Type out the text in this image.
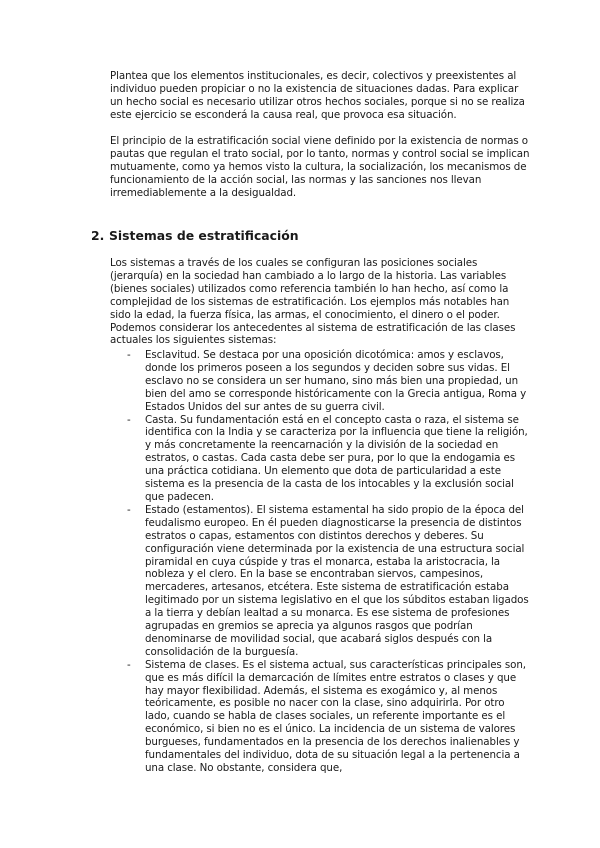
Plantea que los elementos institucionales, es decir, colectivos y preexistentes al individuo pueden propiciar o no la existencia de situaciones dadas. Para explicar un hecho social es necesario utilizar otros hechos sociales, porque si no se realiza este ejercicio se esconderá la causa real, que provoca esa situación.

El principio de la estratificación social viene definido por la existencia de normas o pautas que regulan el trato social, por lo tanto, normas y control social se implican mutuamente, como ya hemos visto la cultura, la socialización, los mecanismos de funcionamiento de la acción social, las normas y las sanciones nos llevan irremediablemente a la desigualdad.

2. Sistemas de estratificación

Los sistemas a través de los cuales se configuran las posiciones sociales (jerarquía) en la sociedad han cambiado a lo largo de la historia. Las variables (bienes sociales) utilizados como referencia también lo han hecho, así como la complejidad de los sistemas de estratificación. Los ejemplos más notables han sido la edad, la fuerza física, las armas, el conocimiento, el dinero o el poder. Podemos considerar los antecedentes al sistema de estratificación de las clases actuales los siguientes sistemas:

- Esclavitud. Se destaca por una oposición dicotómica: amos y esclavos, donde los primeros poseen a los segundos y deciden sobre sus vidas. El esclavo no se considera un ser humano, sino más bien una propiedad, un bien del amo se corresponde históricamente con la Grecia antigua, Roma y Estados Unidos del sur antes de su guerra civil.
- Casta. Su fundamentación está en el concepto casta o raza, el sistema se identifica con la India y se caracteriza por la influencia que tiene la religión, y más concretamente la reencarnación y la división de la sociedad en estratos, o castas. Cada casta debe ser pura, por lo que la endogamia es una práctica cotidiana. Un elemento que dota de particularidad a este sistema es la presencia de la casta de los intocables y la exclusión social que padecen.
- Estado (estamentos). El sistema estamental ha sido propio de la época del feudalismo europeo. En él pueden diagnosticarse la presencia de distintos estratos o capas, estamentos con distintos derechos y deberes. Su configuración viene determinada por la existencia de una estructura social piramidal en cuya cúspide y tras el monarca, estaba la aristocracia, la nobleza y el clero. En la base se encontraban siervos, campesinos, mercaderes, artesanos, etcétera. Este sistema de estratificación estaba legitimado por un sistema legislativo en el que los súbditos estaban ligados a la tierra y debían lealtad a su monarca. Es ese sistema de profesiones agrupadas en gremios se aprecia ya algunos rasgos que podrían denominarse de movilidad social, que acabará siglos después con la consolidación de la burguesía.
- Sistema de clases. Es el sistema actual, sus características principales son, que es más difícil la demarcación de límites entre estratos o clases y que hay mayor flexibilidad. Además, el sistema es exogámico y, al menos teóricamente, es posible no nacer con la clase, sino adquirirla. Por otro lado, cuando se habla de clases sociales, un referente importante es el económico, si bien no es el único. La incidencia de un sistema de valores burgueses, fundamentados en la presencia de los derechos inalienables y fundamentales del individuo, dota de su situación legal a la pertenencia a una clase. No obstante, considera que,
